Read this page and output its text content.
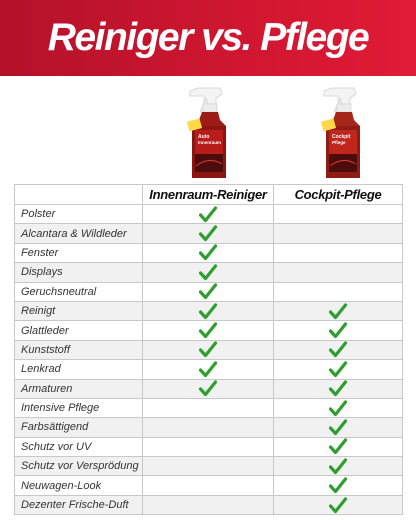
Reiniger vs. Pflege
Auto
Innenraum
Cockpit
Pflege
Innenraum-Reiniger Cockpit-Pflege
Polster
Alcantara & Wildleder
Fenster
Displays
Geruchsneutral
Reinigt
Glattleder
Kunststoff
Lenkrad
Armaturen
Intensive Pflege
Farbsättigend
Schutz vor UV
Schutz vor Versprödung
Neuwagen-Look
Dezenter Frische-Duft
